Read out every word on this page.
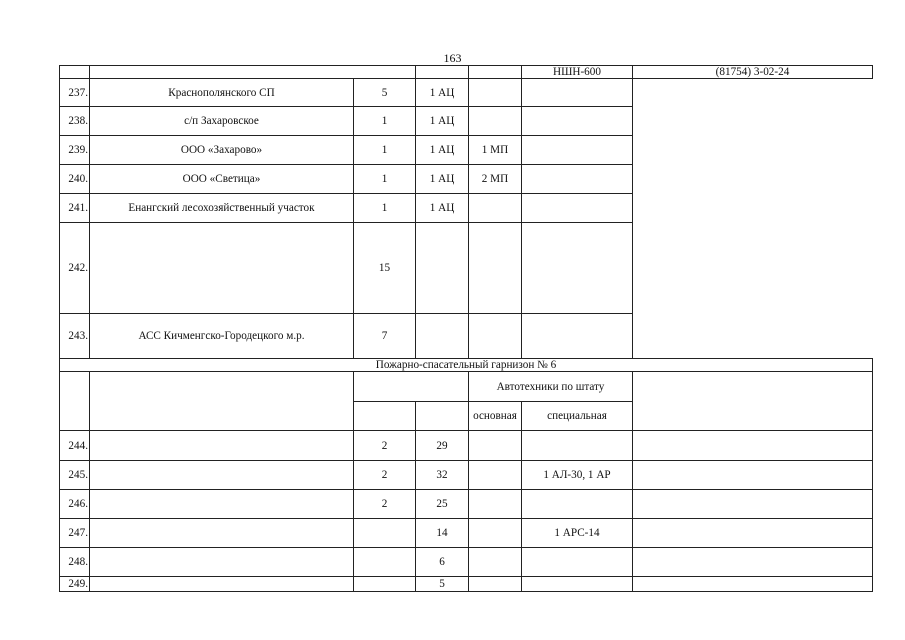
163
					НШН-600	(81754) 3-02-24
237.	Краснополянского СП	5	1 АЦ			

238.	с/п Захаровское	1	1 АЦ			

239.	ООО «Захарово»	1	1 АЦ	1 МП		

240.	ООО «Светица»	1	1 АЦ	2 МП		

241.	Енангский лесохозяйственный участок	1	1 АЦ			

242.		15			

243.	АСС Кичменгско-Городецкого м.р.	7			

Пожарно-спасательный гарнизон № 6						

		Автотехники по штату		

			основная	специальная	
244.		2	29			

245.		2	32		1 АЛ-30, 1 АР	

246.		2	25			

247.			14		1 АРС-14	

248.			6			

249.			5			
